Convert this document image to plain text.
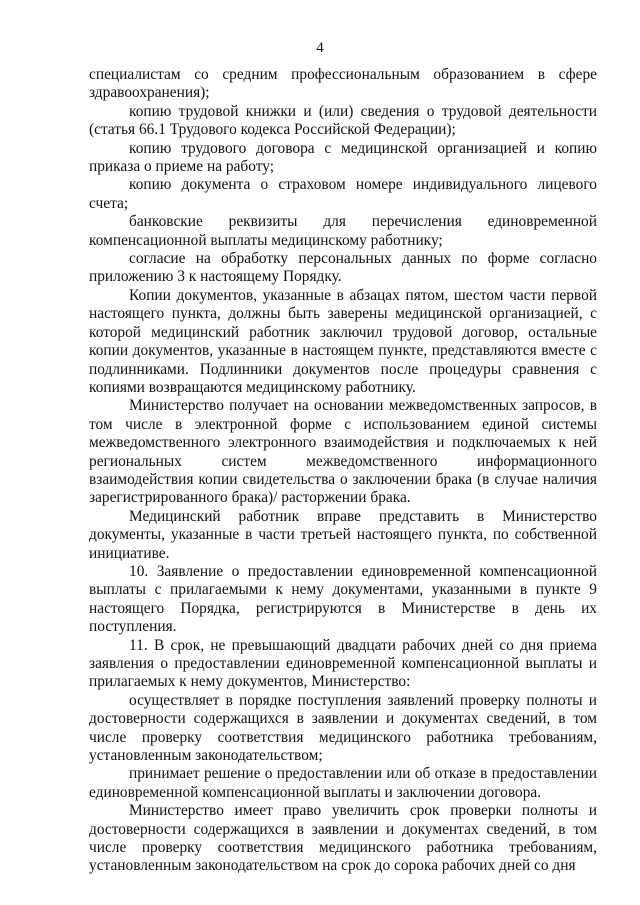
4

специалистам со средним профессиональным образованием в сфере здравоохранения);

копию трудовой книжки и (или) сведения о трудовой деятельности (статья 66.1 Трудового кодекса Российской Федерации);

копию трудового договора с медицинской организацией и копию приказа о приеме на работу;

копию документа о страховом номере индивидуального лицевого счета;

банковские реквизиты для перечисления единовременной компенсационной выплаты медицинскому работнику;

согласие на обработку персональных данных по форме согласно приложению 3 к настоящему Порядку.

Копии документов, указанные в абзацах пятом, шестом части первой настоящего пункта, должны быть заверены медицинской организацией, с которой медицинский работник заключил трудовой договор, остальные копии документов, указанные в настоящем пункте, представляются вместе с подлинниками. Подлинники документов после процедуры сравнения с копиями возвращаются медицинскому работнику.

Министерство получает на основании межведомственных запросов, в том числе в электронной форме с использованием единой системы межведомственного электронного взаимодействия и подключаемых к ней региональных систем межведомственного информационного взаимодействия копии свидетельства о заключении брака (в случае наличия зарегистрированного брака)/ расторжении брака.

Медицинский работник вправе представить в Министерство документы, указанные в части третьей настоящего пункта, по собственной инициативе.

10. Заявление о предоставлении единовременной компенсационной выплаты с прилагаемыми к нему документами, указанными в пункте 9 настоящего Порядка, регистрируются в Министерстве в день их поступления.

11. В срок, не превышающий двадцати рабочих дней со дня приема заявления о предоставлении единовременной компенсационной выплаты и прилагаемых к нему документов, Министерство:

осуществляет в порядке поступления заявлений проверку полноты и достоверности содержащихся в заявлении и документах сведений, в том числе проверку соответствия медицинского работника требованиям, установленным законодательством;

принимает решение о предоставлении или об отказе в предоставлении единовременной компенсационной выплаты и заключении договора.

Министерство имеет право увеличить срок проверки полноты и достоверности содержащихся в заявлении и документах сведений, в том числе проверку соответствия медицинского работника требованиям, установленным законодательством на срок до сорока рабочих дней со дня
